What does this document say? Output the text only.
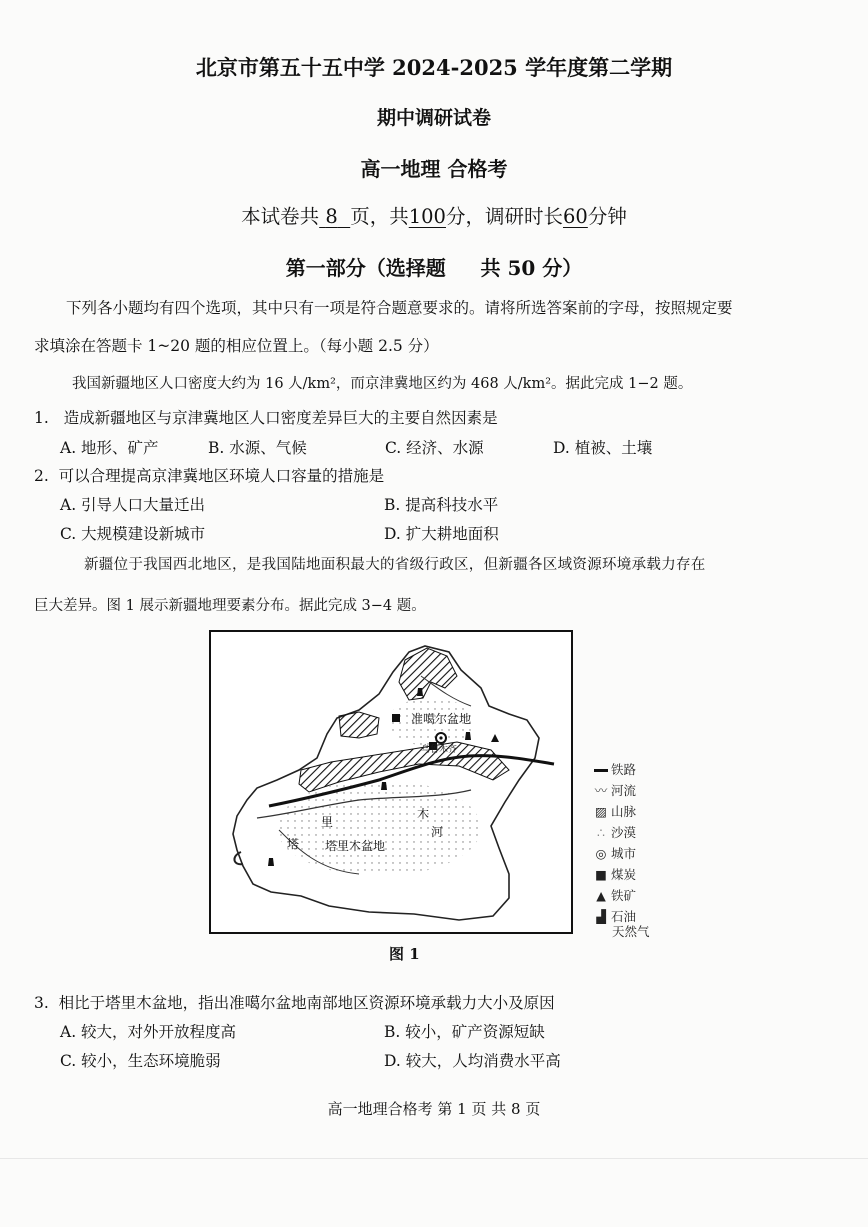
北京市第五十五中学 2024-2025 学年度第二学期
期中调研试卷
高一地理 合格考
本试卷共 8 页，共100分，调研时长60分钟
第一部分（选择题 共 50 分）
下列各小题均有四个选项，其中只有一项是符合题意要求的。请将所选答案前的字母，按照规定要
求填涂在答题卡 1~20 题的相应位置上。（每小题 2.5 分）
我国新疆地区人口密度大约为 16 人/km²，而京津冀地区约为 468 人/km²。据此完成 1−2 题。
1. 造成新疆地区与京津冀地区人口密度差异巨大的主要自然因素是
A. 地形、矿产	B. 水源、气候	C. 经济、水源	D. 植被、土壤
2. 可以合理提高京津冀地区环境人口容量的措施是
A. 引导人口大量迁出	B. 提高科技水平
C. 大规模建设新城市	D. 扩大耕地面积
新疆位于我国西北地区，是我国陆地面积最大的省级行政区，但新疆各区域资源环境承载力存在
巨大差异。图 1 展示新疆地理要素分布。据此完成 3−4 题。
准噶尔盆地
乌鲁木齐
塔里木盆地
里
木
河
塔
铁路
〰 河流
▨ 山脉
∴ 沙漠
◎ 城市
■ 煤炭
▲ 铁矿
▟ 石油
天然气
图 1
3. 相比于塔里木盆地，指出准噶尔盆地南部地区资源环境承载力大小及原因
A. 较大，对外开放程度高	B. 较小，矿产资源短缺
C. 较小，生态环境脆弱	D. 较大，人均消费水平高
高一地理合格考 第 1 页 共 8 页
